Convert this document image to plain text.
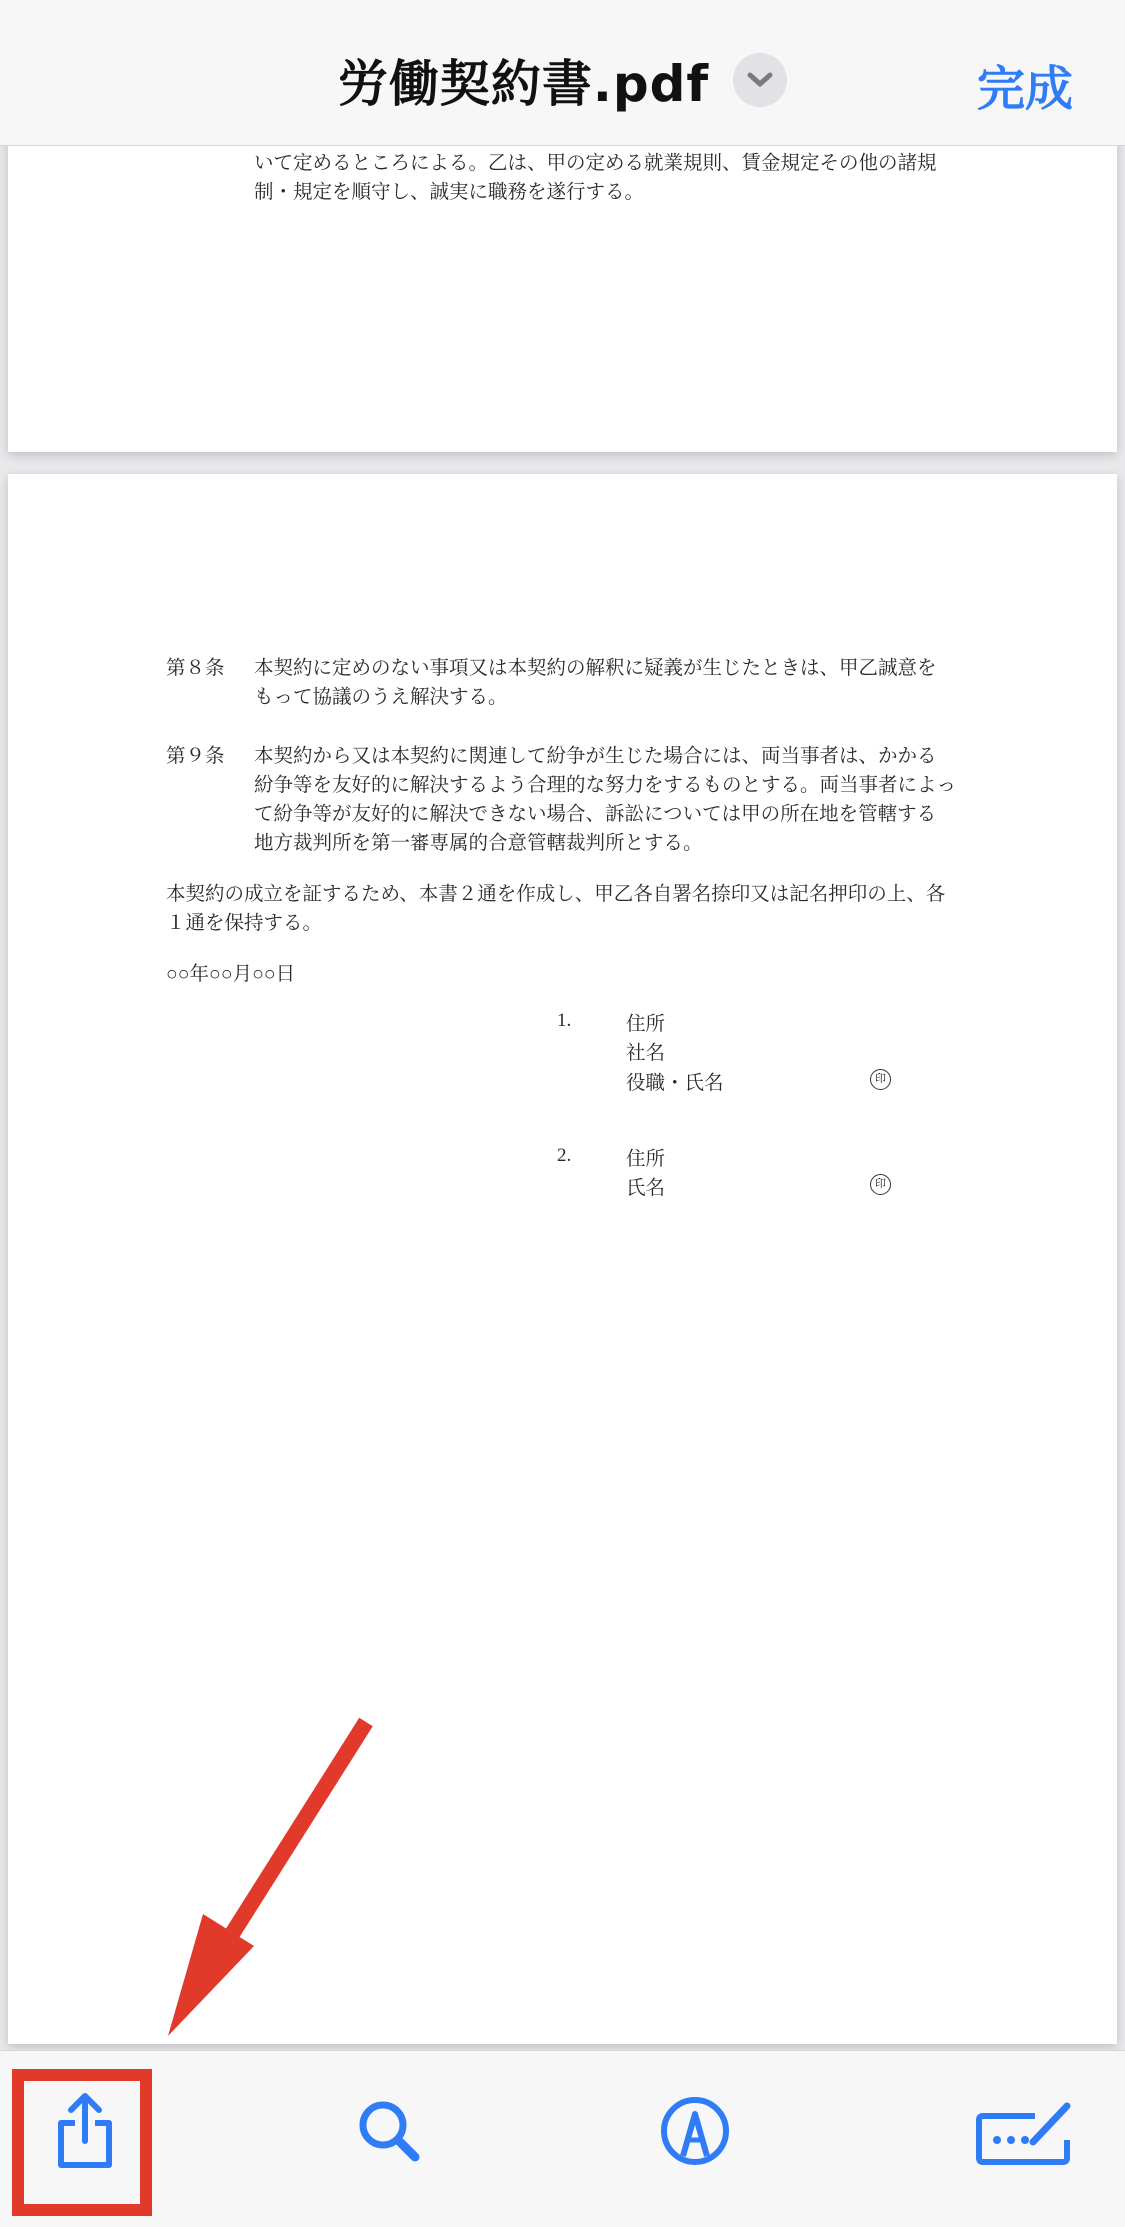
労働契約書.pdf	完成
いて定めるところによる。乙は、甲の定める就業規則、賃金規定その他の諸規
制・規定を順守し、誠実に職務を遂行する。
第８条	本契約に定めのない事項又は本契約の解釈に疑義が生じたときは、甲乙誠意を
もって協議のうえ解決する。
第９条	本契約から又は本契約に関連して紛争が生じた場合には、両当事者は、かかる
紛争等を友好的に解決するよう合理的な努力をするものとする。両当事者によっ
て紛争等が友好的に解決できない場合、訴訟については甲の所在地を管轄する
地方裁判所を第一審専属的合意管轄裁判所とする。
本契約の成立を証するため、本書２通を作成し、甲乙各自署名捺印又は記名押印の上、各
１通を保持する。
○○年○○月○○日
1.	住所
社名
役職・氏名	印
2.	住所
氏名	印
